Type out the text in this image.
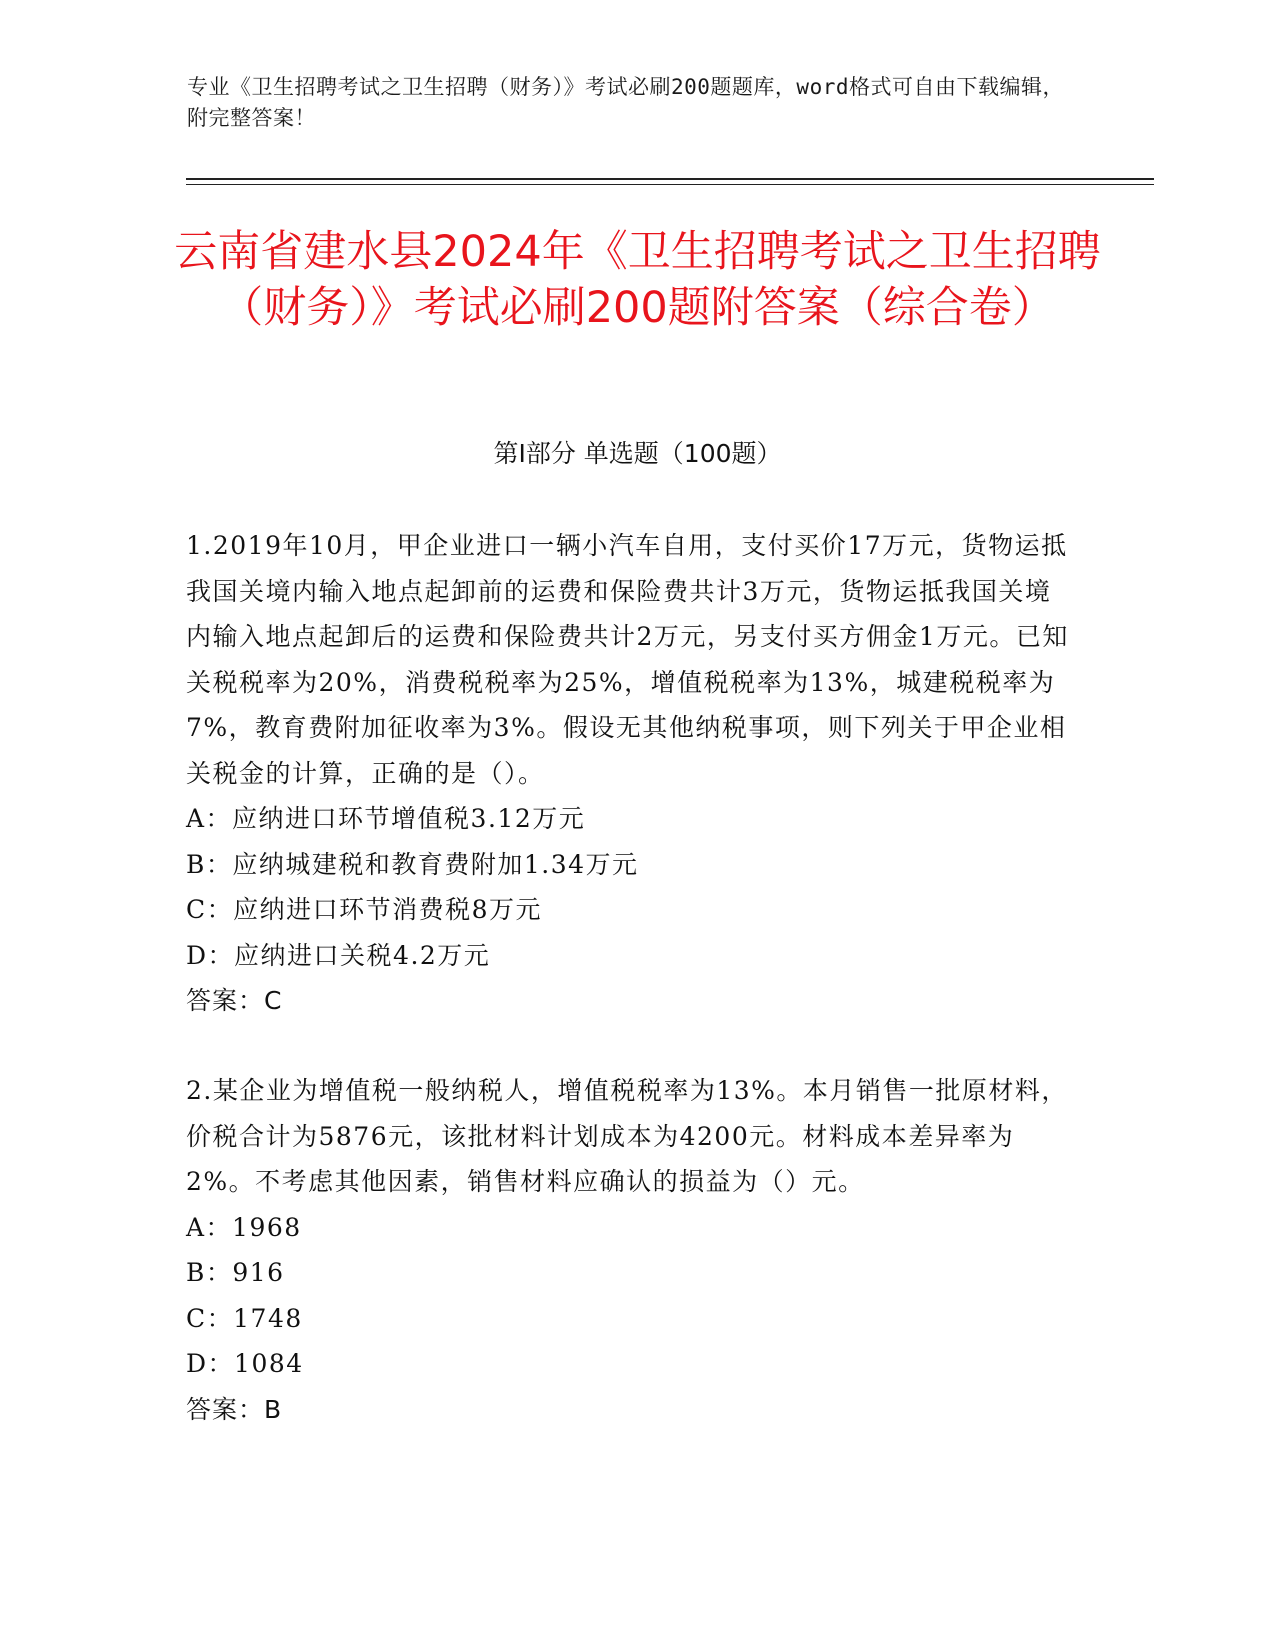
专业《卫生招聘考试之卫生招聘（财务）》考试必刷200题题库，word格式可自由下载编辑，附完整答案！
云南省建水县2024年《卫生招聘考试之卫生招聘（财务）》考试必刷200题附答案（综合卷）
第I部分 单选题（100题）

1.2019年10月，甲企业进口一辆小汽车自用，支付买价17万元，货物运抵我国关境内输入地点起卸前的运费和保险费共计3万元，货物运抵我国关境内输入地点起卸后的运费和保险费共计2万元，另支付买方佣金1万元。已知关税税率为20%，消费税税率为25%，增值税税率为13%，城建税税率为7%，教育费附加征收率为3%。假设无其他纳税事项，则下列关于甲企业相关税金的计算，正确的是（）。

A：应纳进口环节增值税3.12万元

B：应纳城建税和教育费附加1.34万元

C：应纳进口环节消费税8万元

D：应纳进口关税4.2万元

答案：C

2.某企业为增值税一般纳税人，增值税税率为13%。本月销售一批原材料，价税合计为5876元，该批材料计划成本为4200元。材料成本差异率为2%。不考虑其他因素，销售材料应确认的损益为（）元。

A：1968

B：916

C：1748

D：1084

答案：B
